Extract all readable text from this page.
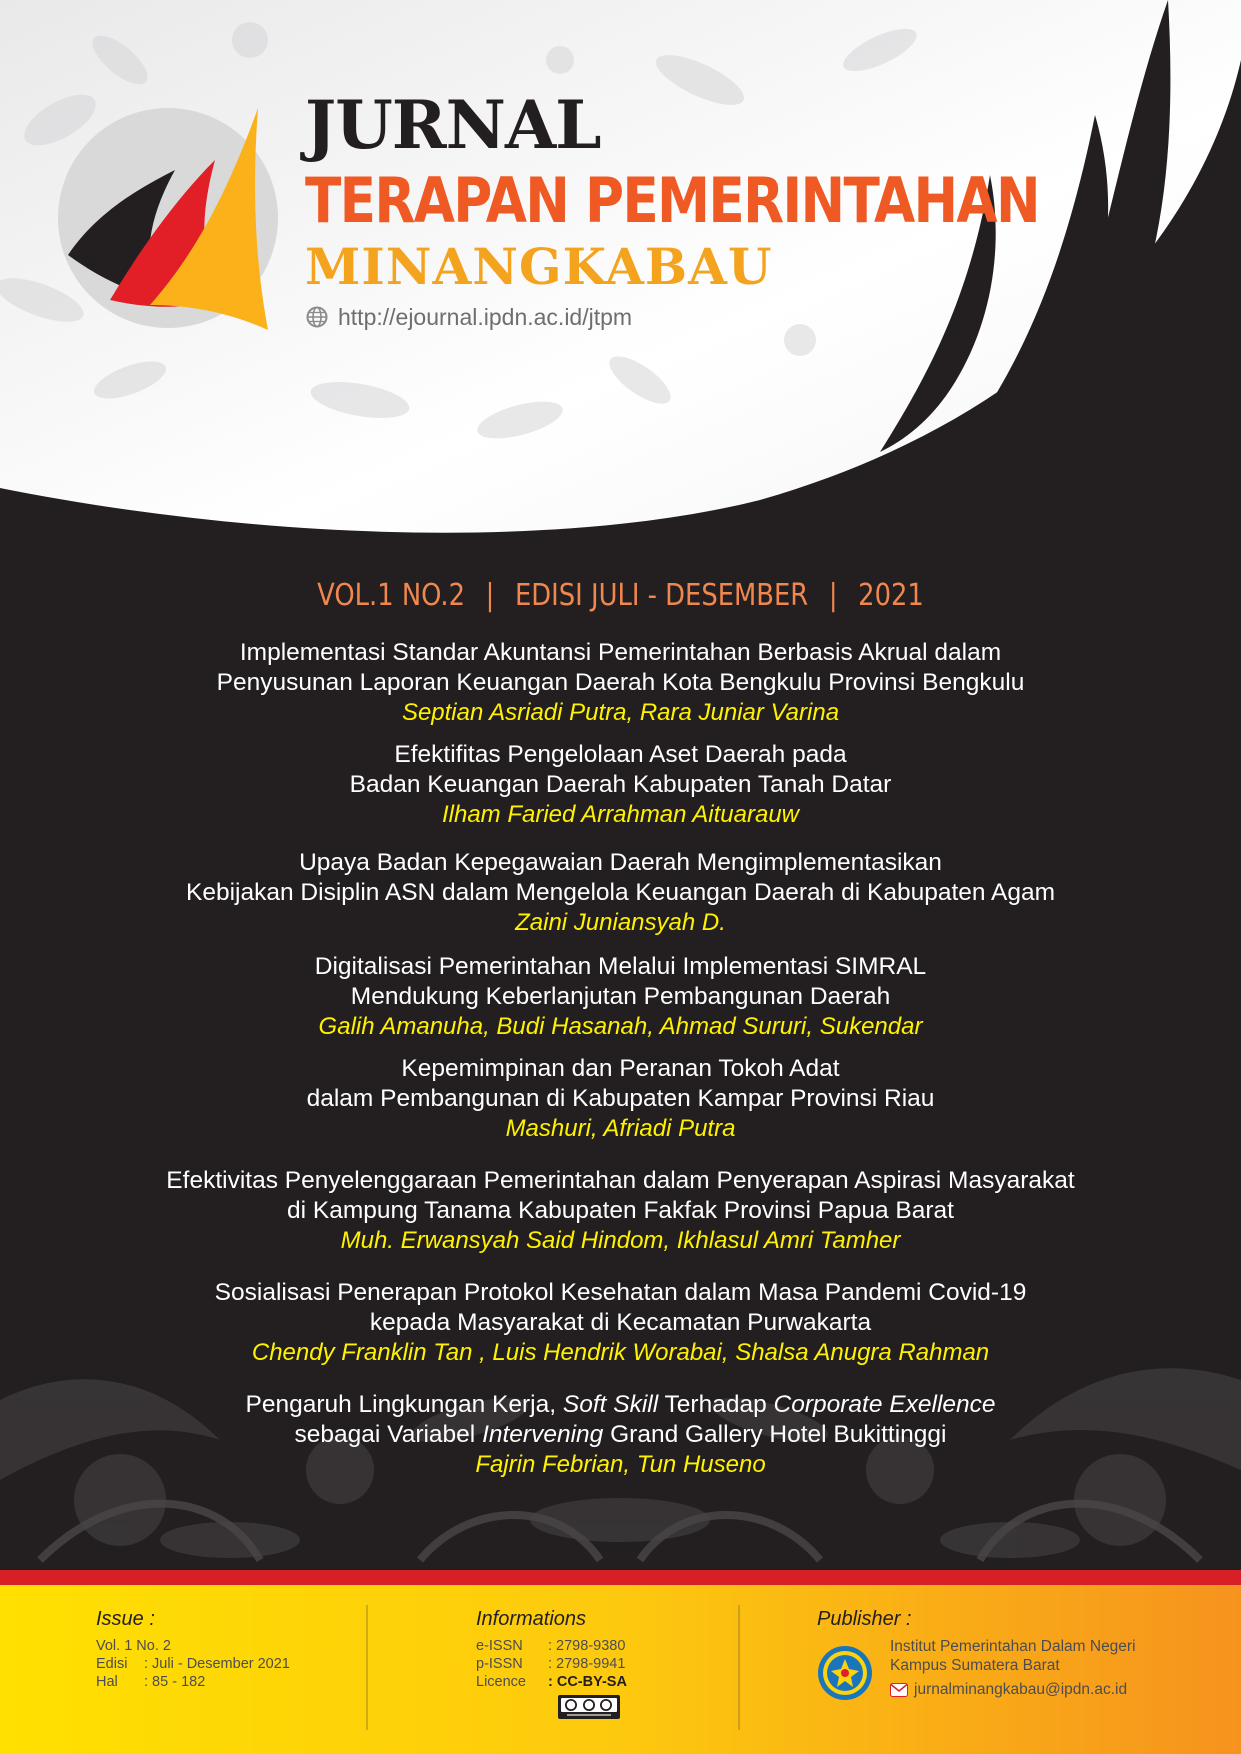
JURNAL
TERAPAN PEMERINTAHAN
MINANGKABAU
http://ejournal.ipdn.ac.id/jtpm
VOL.1 NO.2 | EDISI JULI - DESEMBER | 2021
Implementasi Standar Akuntansi Pemerintahan Berbasis Akrual dalam
Penyusunan Laporan Keuangan Daerah Kota Bengkulu Provinsi Bengkulu
Septian Asriadi Putra, Rara Juniar Varina
Efektifitas Pengelolaan Aset Daerah pada
Badan Keuangan Daerah Kabupaten Tanah Datar
Ilham Faried Arrahman Aituarauw
Upaya Badan Kepegawaian Daerah Mengimplementasikan
Kebijakan Disiplin ASN dalam Mengelola Keuangan Daerah di Kabupaten Agam
Zaini Juniansyah D.
Digitalisasi Pemerintahan Melalui Implementasi SIMRAL
Mendukung Keberlanjutan Pembangunan Daerah
Galih Amanuha, Budi Hasanah, Ahmad Sururi, Sukendar
Kepemimpinan dan Peranan Tokoh Adat
dalam Pembangunan di Kabupaten Kampar Provinsi Riau
Mashuri, Afriadi Putra
Efektivitas Penyelenggaraan Pemerintahan dalam Penyerapan Aspirasi Masyarakat
di Kampung Tanama Kabupaten Fakfak Provinsi Papua Barat
Muh. Erwansyah Said Hindom, Ikhlasul Amri Tamher
Sosialisasi Penerapan Protokol Kesehatan dalam Masa Pandemi Covid-19
kepada Masyarakat di Kecamatan Purwakarta
Chendy Franklin Tan , Luis Hendrik Worabai, Shalsa Anugra Rahman
Pengaruh Lingkungan Kerja, Soft Skill Terhadap Corporate Exellence
sebagai Variabel Intervening Grand Gallery Hotel Bukittinggi
Fajrin Febrian, Tun Huseno
Issue :
Vol. 1 No. 2
Edisi : Juli - Desember 2021
Hal : 85 - 182
Informations
e-ISSN : 2798-9380
p-ISSN : 2798-9941
Licence : CC-BY-SA
Publisher :
Institut Pemerintahan Dalam Negeri
Kampus Sumatera Barat
jurnalminangkabau@ipdn.ac.id
